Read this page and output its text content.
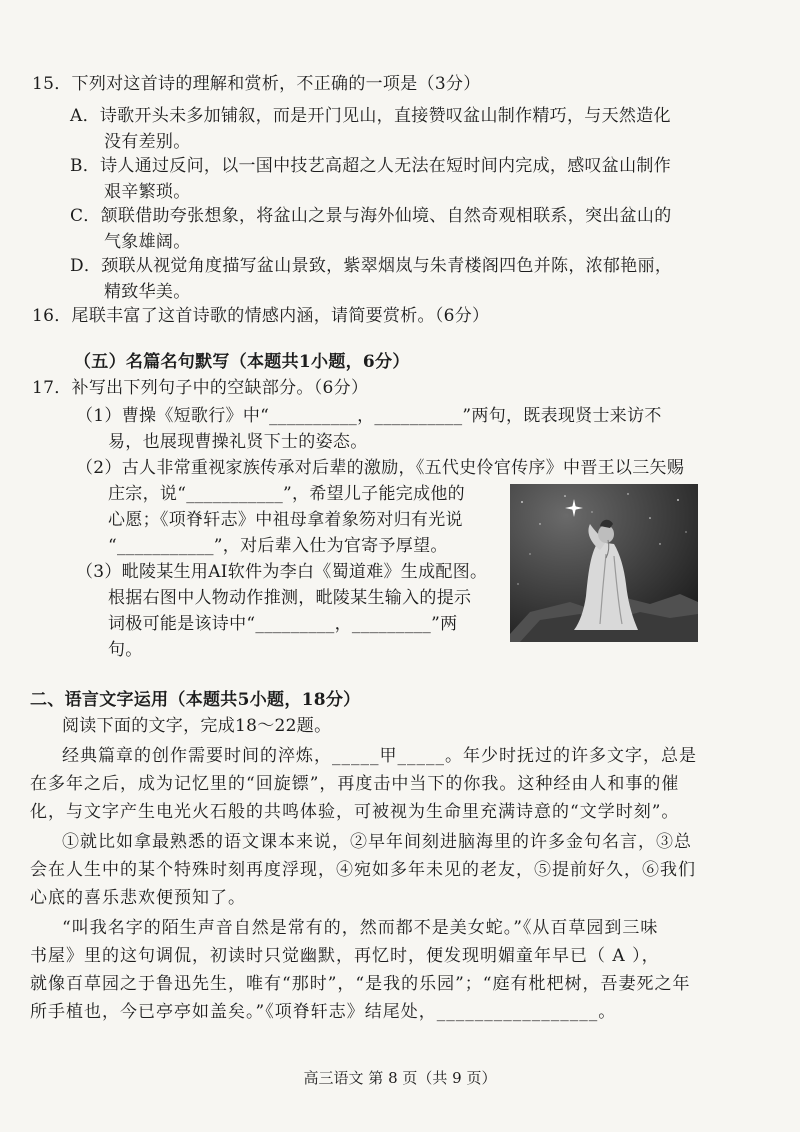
15．下列对这首诗的理解和赏析，不正确的一项是（3分）
A．诗歌开头未多加铺叙，而是开门见山，直接赞叹盆山制作精巧，与天然造化
没有差别。
B．诗人通过反问，以一国中技艺高超之人无法在短时间内完成，感叹盆山制作
艰辛繁琐。
C．颔联借助夸张想象，将盆山之景与海外仙境、自然奇观相联系，突出盆山的
气象雄阔。
D．颈联从视觉角度描写盆山景致，紫翠烟岚与朱青楼阁四色并陈，浓郁艳丽，
精致华美。
16．尾联丰富了这首诗歌的情感内涵，请简要赏析。（6分）
（五）名篇名句默写（本题共1小题，6分）
17．补写出下列句子中的空缺部分。（6分）
（1）曹操《短歌行》中“__________，__________”两句，既表现贤士来访不
易，也展现曹操礼贤下士的姿态。
（2）古人非常重视家族传承对后辈的激励，《五代史伶官传序》中晋王以三矢赐
庄宗，说“___________”，希望儿子能完成他的
心愿；《项脊轩志》中祖母拿着象笏对归有光说
“___________”，对后辈入仕为官寄予厚望。
（3）毗陵某生用AI软件为李白《蜀道难》生成配图。
根据右图中人物动作推测，毗陵某生输入的提示
词极可能是该诗中“_________，_________”两
句。
二、语言文字运用（本题共5小题，18分）
阅读下面的文字，完成18～22题。
经典篇章的创作需要时间的淬炼，_____甲_____。年少时抚过的许多文字，总是
在多年之后，成为记忆里的“回旋镖”，再度击中当下的你我。这种经由人和事的催
化，与文字产生电光火石般的共鸣体验，可被视为生命里充满诗意的“文学时刻”。
①就比如拿最熟悉的语文课本来说，②早年间刻进脑海里的许多金句名言，③总
会在人生中的某个特殊时刻再度浮现，④宛如多年未见的老友，⑤提前好久，⑥我们
心底的喜乐悲欢便预知了。
“叫我名字的陌生声音自然是常有的，然而都不是美女蛇。”《从百草园到三味
书屋》里的这句调侃，初读时只觉幽默，再忆时，便发现明媚童年早已（ A ），
就像百草园之于鲁迅先生，唯有“那时”，“是我的乐园”；“庭有枇杷树，吾妻死之年
所手植也，今已亭亭如盖矣。”《项脊轩志》结尾处，_________________。
高三语文 第 8 页（共 9 页）
